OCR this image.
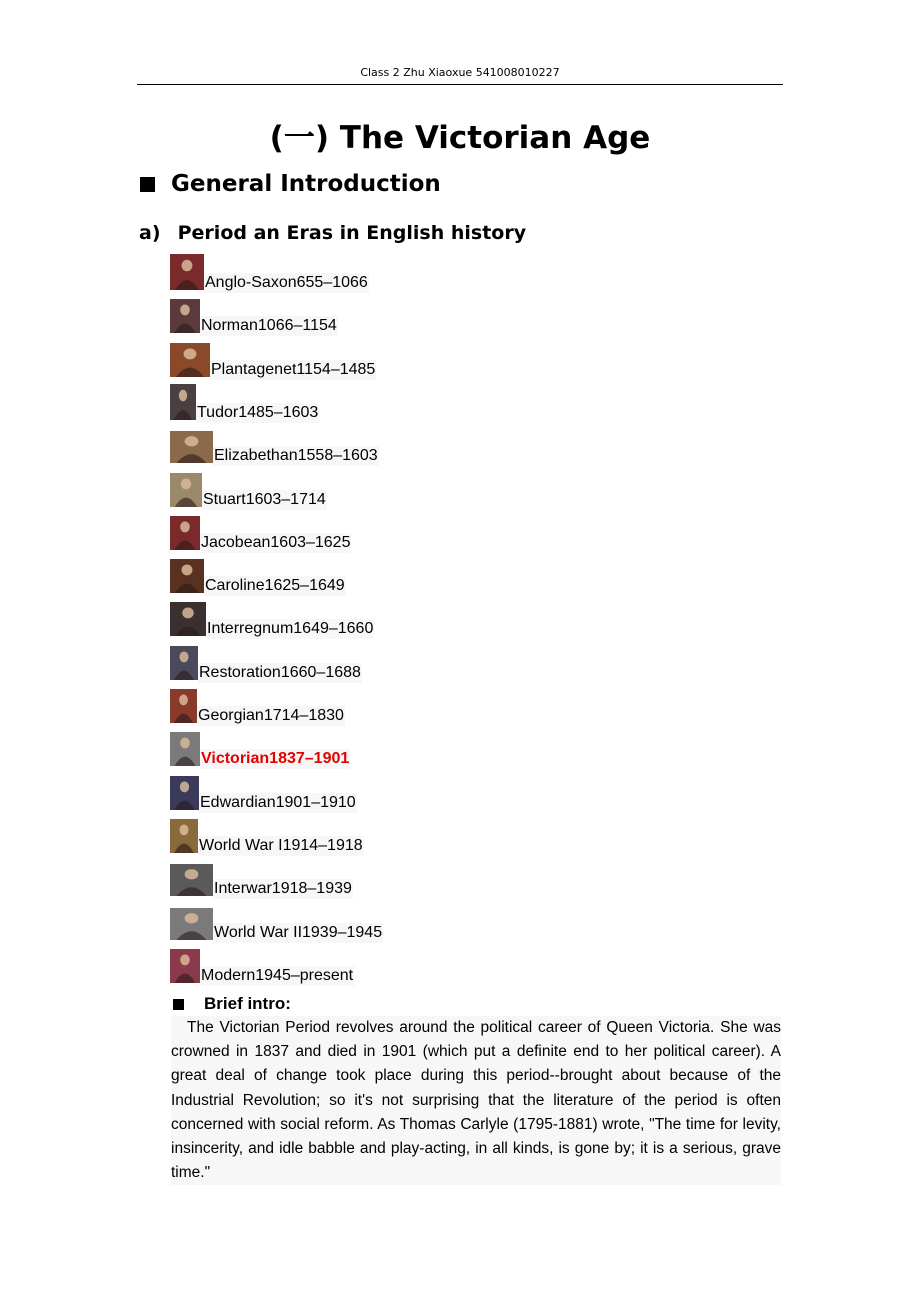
Class 2 Zhu Xiaoxue 541008010227
(一) The Victorian Age
General Introduction
a) Period an Eras in English history
Anglo-Saxon655–1066
Norman1066–1154
Plantagenet1154–1485
Tudor1485–1603
Elizabethan1558–1603
Stuart1603–1714
Jacobean1603–1625
Caroline1625–1649
Interregnum1649–1660
Restoration1660–1688
Georgian1714–1830
Victorian1837–1901
Edwardian1901–1910
World War I1914–1918
Interwar1918–1939
World War II1939–1945
Modern1945–present
Brief intro:
The Victorian Period revolves around the political career of Queen Victoria. She was crowned in 1837 and died in 1901 (which put a definite end to her political career). A great deal of change took place during this period--brought about because of the Industrial Revolution; so it's not surprising that the literature of the period is often concerned with social reform. As Thomas Carlyle (1795-1881) wrote, "The time for levity, insincerity, and idle babble and play-acting, in all kinds, is gone by; it is a serious, grave time."
